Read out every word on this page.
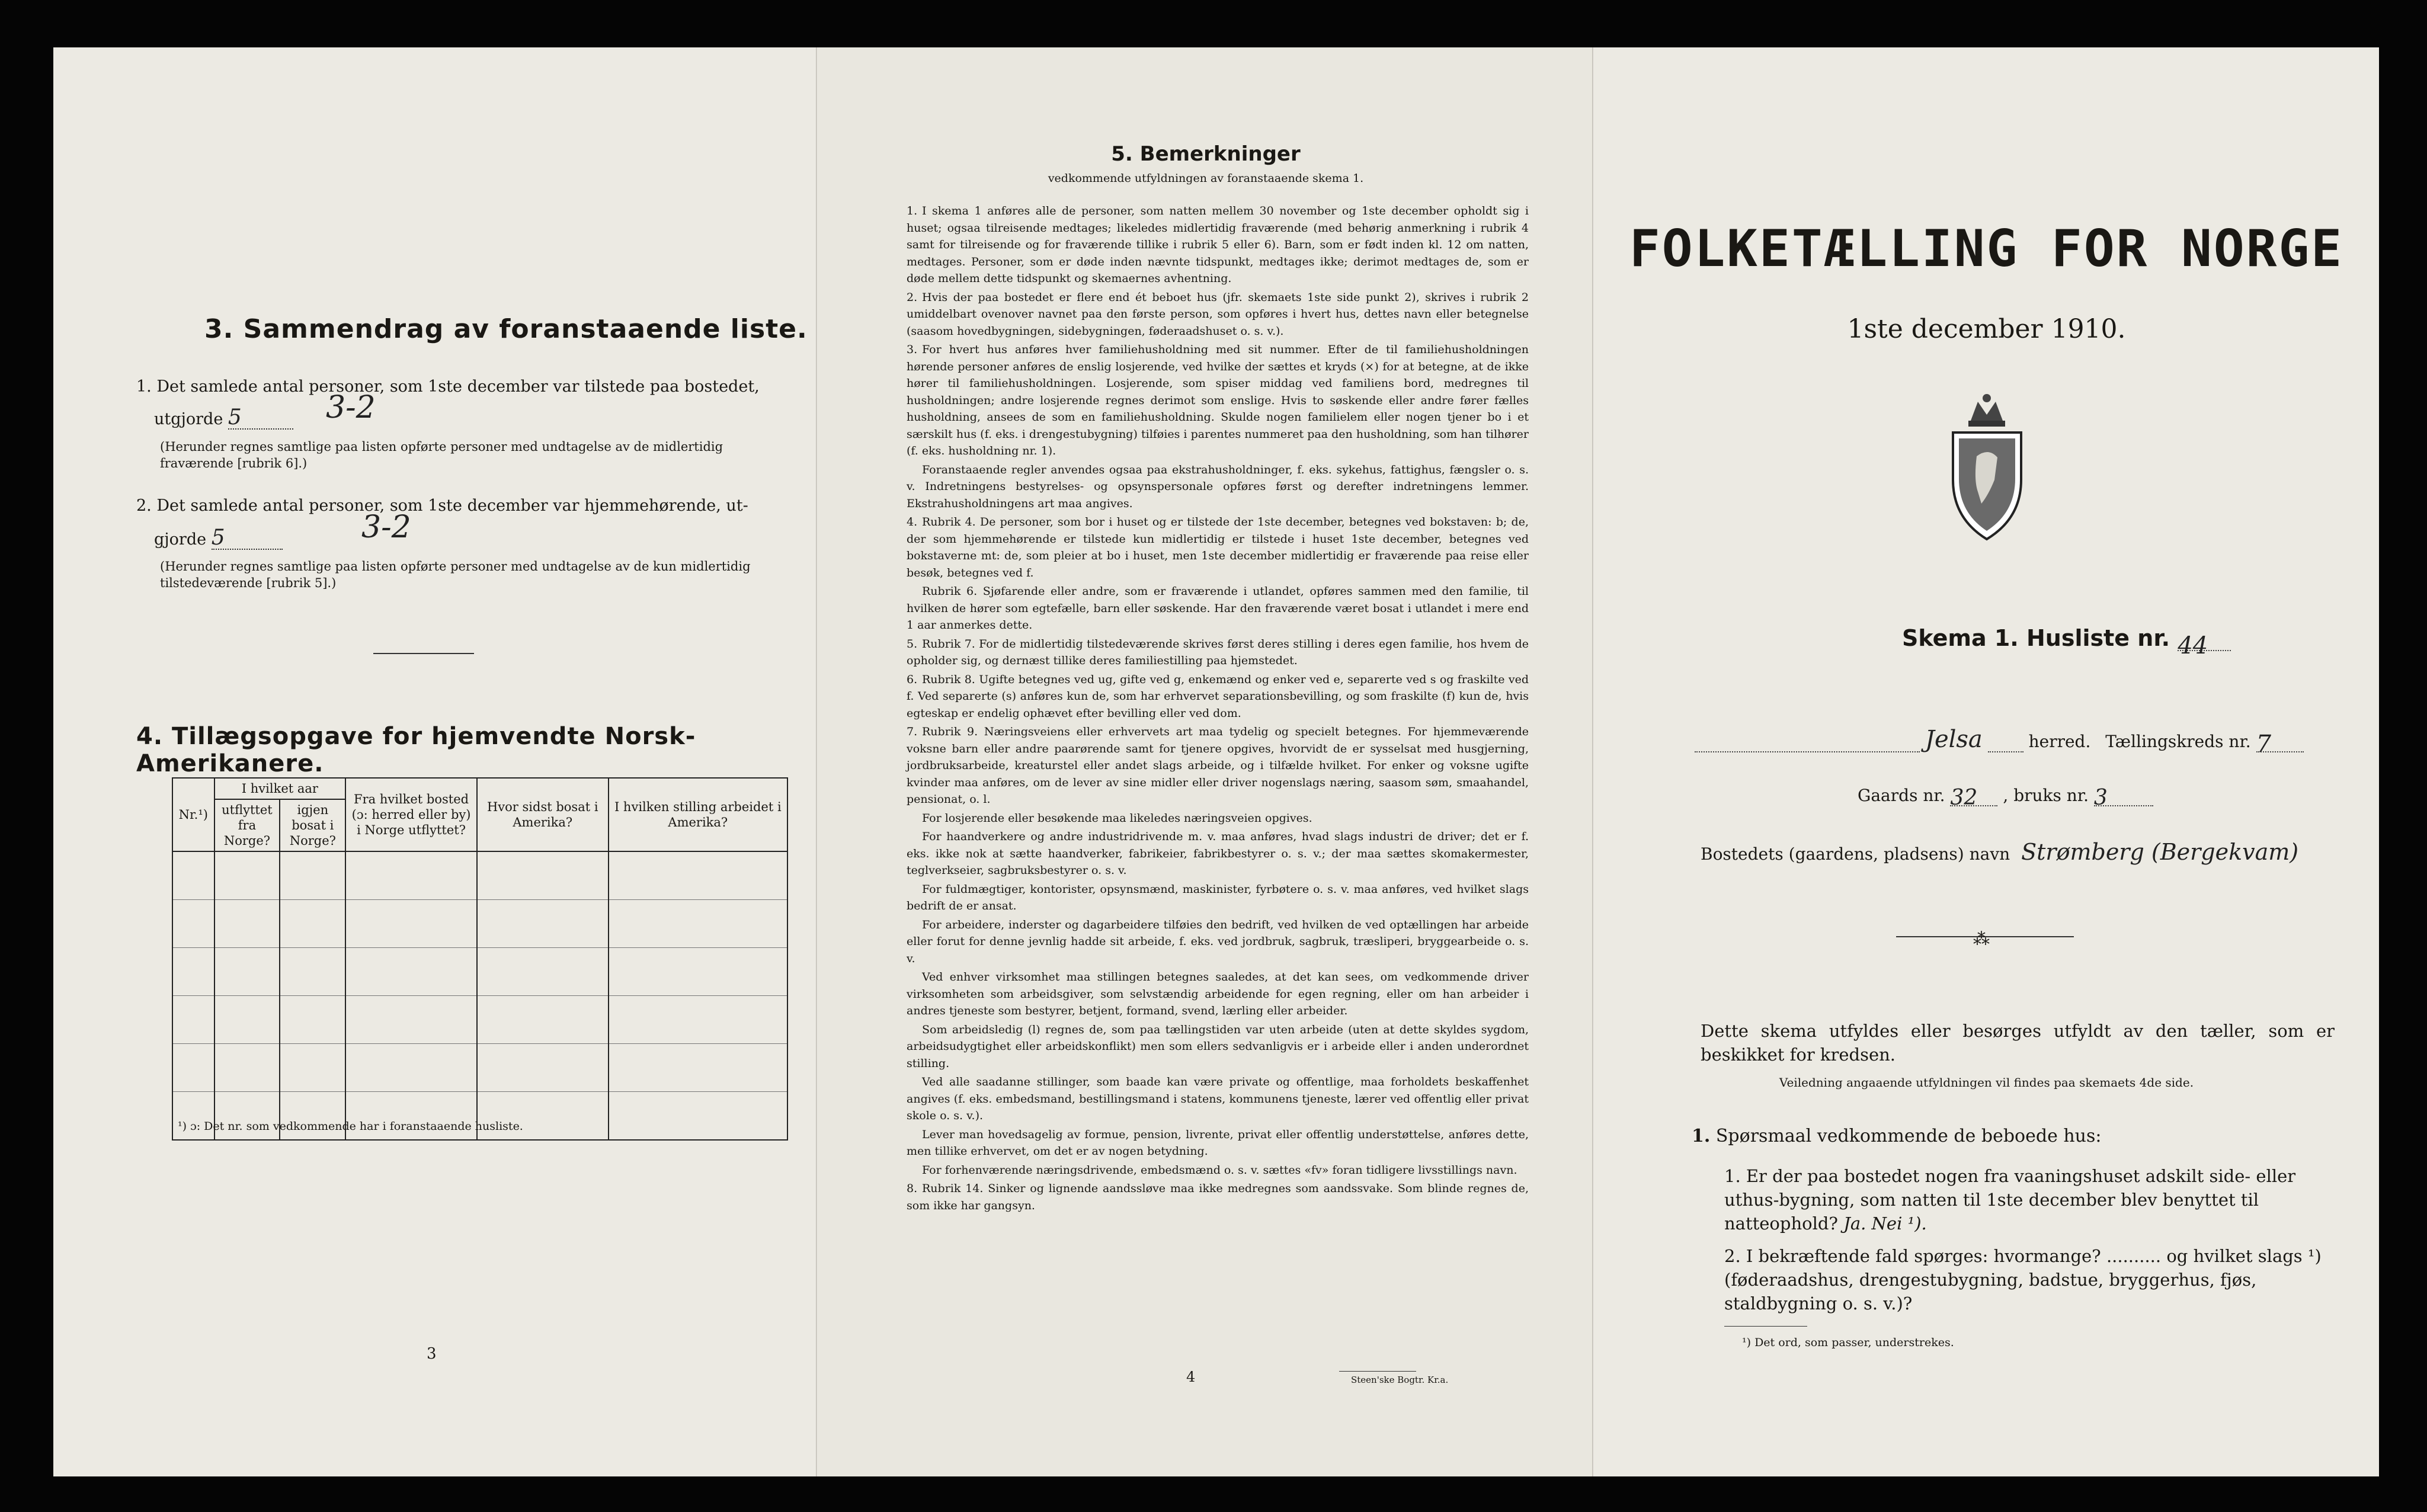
3. Sammendrag av foranstaaende liste.
1. Det samlede antal personer, som 1ste december var tilstede paa bostedet,
utgjorde 5	3-2
(Herunder regnes samtlige paa listen opførte personer med undtagelse av de midlertidig fraværende [rubrik 6].)
2. Det samlede antal personer, som 1ste december var hjemmehørende, ut-
gjorde 5	3-2
(Herunder regnes samtlige paa listen opførte personer med undtagelse av de kun midlertidig tilstedeværende [rubrik 5].)
4. Tillægsopgave for hjemvendte Norsk-Amerikanere.
Nr.¹)	I hvilket aar		Fra hvilket bosted (ɔ: herred eller by) i Norge utflyttet?	Hvor sidst bosat i Amerika?	I hvilken stilling arbeidet i Amerika?
	utflyttet fra Norge?	igjen bosat i Norge?			

¹) ɔ: Det nr. som vedkommende har i foranstaaende husliste.
3
5. Bemerkninger
vedkommende utfyldningen av foranstaaende skema 1.
1. I skema 1 anføres alle de personer, som natten mellem 30 november og 1ste december opholdt sig i huset; ogsaa tilreisende medtages; likeledes midlertidig fraværende (med behørig anmerkning i rubrik 4 samt for tilreisende og for fraværende tillike i rubrik 5 eller 6). Barn, som er født inden kl. 12 om natten, medtages. Personer, som er døde inden nævnte tidspunkt, medtages ikke; derimot medtages de, som er døde mellem dette tidspunkt og skemaernes avhentning.
2. Hvis der paa bostedet er flere end ét beboet hus (jfr. skemaets 1ste side punkt 2), skrives i rubrik 2 umiddelbart ovenover navnet paa den første person, som opføres i hvert hus, dettes navn eller betegnelse (saasom hovedbygningen, sidebygningen, føderaadshuset o. s. v.).
3. For hvert hus anføres hver familiehusholdning med sit nummer. Efter de til familiehusholdningen hørende personer anføres de enslig losjerende, ved hvilke der sættes et kryds (×) for at betegne, at de ikke hører til familiehusholdningen. Losjerende, som spiser middag ved familiens bord, medregnes til husholdningen; andre losjerende regnes derimot som enslige. Hvis to søskende eller andre fører fælles husholdning, ansees de som en familiehusholdning. Skulde nogen familielem eller nogen tjener bo i et særskilt hus (f. eks. i drengestubygning) tilføies i parentes nummeret paa den husholdning, som han tilhører (f. eks. husholdning nr. 1).
Foranstaaende regler anvendes ogsaa paa ekstrahusholdninger, f. eks. sykehus, fattighus, fængsler o. s. v. Indretningens bestyrelses- og opsynspersonale opføres først og derefter indretningens lemmer. Ekstrahusholdningens art maa angives.
4. Rubrik 4. De personer, som bor i huset og er tilstede der 1ste december, betegnes ved bokstaven: b; de, der som hjemmehørende er tilstede kun midlertidig er tilstede i huset 1ste december, betegnes ved bokstaverne mt: de, som pleier at bo i huset, men 1ste december midlertidig er fraværende paa reise eller besøk, betegnes ved f.
Rubrik 6. Sjøfarende eller andre, som er fraværende i utlandet, opføres sammen med den familie, til hvilken de hører som egtefælle, barn eller søskende. Har den fraværende været bosat i utlandet i mere end 1 aar anmerkes dette.
5. Rubrik 7. For de midlertidig tilstedeværende skrives først deres stilling i deres egen familie, hos hvem de opholder sig, og dernæst tillike deres familiestilling paa hjemstedet.
6. Rubrik 8. Ugifte betegnes ved ug, gifte ved g, enkemænd og enker ved e, separerte ved s og fraskilte ved f. Ved separerte (s) anføres kun de, som har erhvervet separationsbevilling, og som fraskilte (f) kun de, hvis egteskap er endelig ophævet efter bevilling eller ved dom.
7. Rubrik 9. Næringsveiens eller erhvervets art maa tydelig og specielt betegnes. For hjemmeværende voksne barn eller andre paarørende samt for tjenere opgives, hvorvidt de er sysselsat med husgjerning, jordbruksarbeide, kreaturstel eller andet slags arbeide, og i tilfælde hvilket. For enker og voksne ugifte kvinder maa anføres, om de lever av sine midler eller driver nogenslags næring, saasom søm, smaahandel, pensionat, o. l.
For losjerende eller besøkende maa likeledes næringsveien opgives.
For haandverkere og andre industridrivende m. v. maa anføres, hvad slags industri de driver; det er f. eks. ikke nok at sætte haandverker, fabrikeier, fabrikbestyrer o. s. v.; der maa sættes skomakermester, teglverkseier, sagbruksbestyrer o. s. v.
For fuldmægtiger, kontorister, opsynsmænd, maskinister, fyrbøtere o. s. v. maa anføres, ved hvilket slags bedrift de er ansat.
For arbeidere, inderster og dagarbeidere tilføies den bedrift, ved hvilken de ved optællingen har arbeide eller forut for denne jevnlig hadde sit arbeide, f. eks. ved jordbruk, sagbruk, træsliperi, bryggearbeide o. s. v.
Ved enhver virksomhet maa stillingen betegnes saaledes, at det kan sees, om vedkommende driver virksomheten som arbeidsgiver, som selvstændig arbeidende for egen regning, eller om han arbeider i andres tjeneste som bestyrer, betjent, formand, svend, lærling eller arbeider.
Som arbeidsledig (l) regnes de, som paa tællingstiden var uten arbeide (uten at dette skyldes sygdom, arbeidsudygtighet eller arbeidskonflikt) men som ellers sedvanligvis er i arbeide eller i anden underordnet stilling.
Ved alle saadanne stillinger, som baade kan være private og offentlige, maa forholdets beskaffenhet angives (f. eks. embedsmand, bestillingsmand i statens, kommunens tjeneste, lærer ved offentlig eller privat skole o. s. v.).
Lever man hovedsagelig av formue, pension, livrente, privat eller offentlig understøttelse, anføres dette, men tillike erhvervet, om det er av nogen betydning.
For forhenværende næringsdrivende, embedsmænd o. s. v. sættes «fv» foran tidligere livsstillings navn.
8. Rubrik 14. Sinker og lignende aandssløve maa ikke medregnes som aandssvake. Som blinde regnes de, som ikke har gangsyn.
4	Steen'ske Bogtr. Kr.a.
FOLKETÆLLING FOR NORGE
1ste december 1910.
Skema 1. Husliste nr. 44
Jelsa	herred. Tællingskreds nr. 7
Gaards nr. 32 , bruks nr. 3
Bostedets (gaardens, pladsens) navn Strømberg (Bergekvam)
⁂
Dette skema utfyldes eller besørges utfyldt av den tæller, som er beskikket for kredsen.
Veiledning angaaende utfyldningen vil findes paa skemaets 4de side.
1. Spørsmaal vedkommende de beboede hus:
1. Er der paa bostedet nogen fra vaaningshuset adskilt side- eller uthus-bygning, som natten til 1ste december blev benyttet til natteophold? Ja. Nei ¹).
2. I bekræftende fald spørges: hvormange? .......... og hvilket slags ¹) (føderaadshus, drengestubygning, badstue, bryggerhus, fjøs, staldbygning o. s. v.)?
¹) Det ord, som passer, understrekes.
